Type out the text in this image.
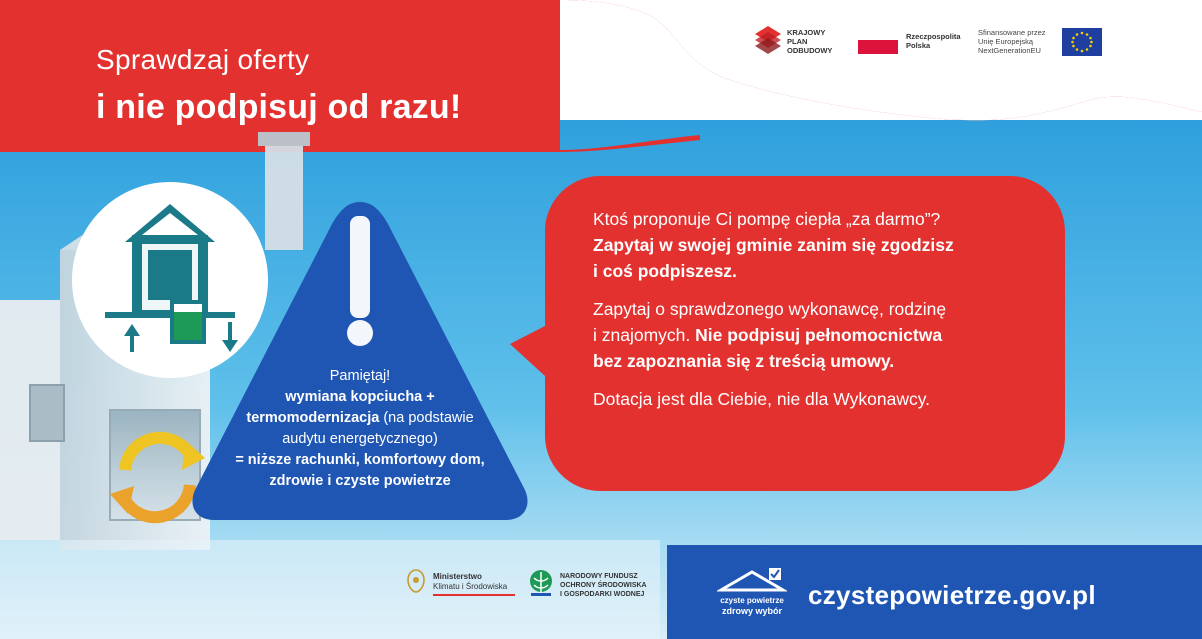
Sprawdzaj oferty
i nie podpisuj od razu!
KRAJOWY
PLAN
ODBUDOWY
Rzeczpospolita
Polska
Sfinansowane przez
Unię Europejską
NextGenerationEU
Pamiętaj!
wymiana kopciucha +
termomodernizacja (na podstawie
audytu energetycznego)
= niższe rachunki, komfortowy dom,
zdrowie i czyste powietrze

Ktoś proponuje Ci pompę ciepła „za darmo”?
Zapytaj w swojej gminie zanim się zgodzisz
i coś podpiszesz.

Zapytaj o sprawdzonego wykonawcę, rodzinę
i znajomych. Nie podpisuj pełnomocnictwa
bez zapoznania się z treścią umowy.

Dotacja jest dla Ciebie, nie dla Wykonawcy.

Ministerstwo
Klimatu i Środowiska
NARODOWY FUNDUSZ
OCHRONY ŚRODOWISKA
I GOSPODARKI WODNEJ
czyste powietrze
zdrowy wybór
czystepowietrze.gov.pl
